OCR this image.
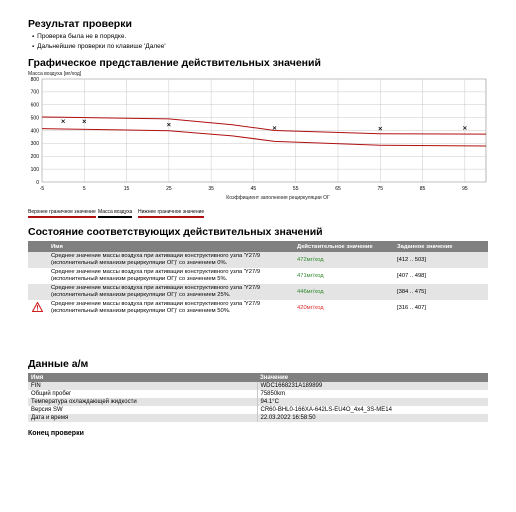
Результат проверки
▪ Проверка была не в порядке.
▪ Дальнейшие проверки по клавише 'Далее'
Графическое представление действительных значений
Масса воздуха [мг/ход]
0
100
200
300
400
500
600
700
800
-5	5	15	25	35	45	55	65	75	85	95
Коэффициент заполнения рециркуляции ОГ
Верхнее граничное значение Масса воздуха Нижнее граничное значение
Состояние соответствующих действительных значений
	Имя	Действительное значение	Заданное значение

	Среднее значение массы воздуха при активации конструктивного узла 'Y27/9
(исполнительный механизм рециркуляции ОГ)' со значением 0%.	472мг/ход	[412 .. 503]

	Среднее значение массы воздуха при активации конструктивного узла 'Y27/9
(исполнительный механизм рециркуляции ОГ)' со значением 5%.	471мг/ход	[407 .. 498]

	Среднее значение массы воздуха при активации конструктивного узла 'Y27/9
(исполнительный механизм рециркуляции ОГ)' со значением 25%.	446мг/ход	[384 .. 475]

Среднее значение массы воздуха при активации конструктивного узла 'Y27/9
(исполнительный механизм рециркуляции ОГ)' со значением 50%.	420мг/ход	[316 .. 407]
Данные а/м
Имя	Значение
FIN	WDC1668231A189899
Общий пробег	75850km
Температура охлаждающей жидкости	94.1°C
Версия SW	CR60-BHL0-166XA-642LS-EU4O_4x4_3S-ME14
Дата и время	22.03.2022 16:58:50
Конец проверки
